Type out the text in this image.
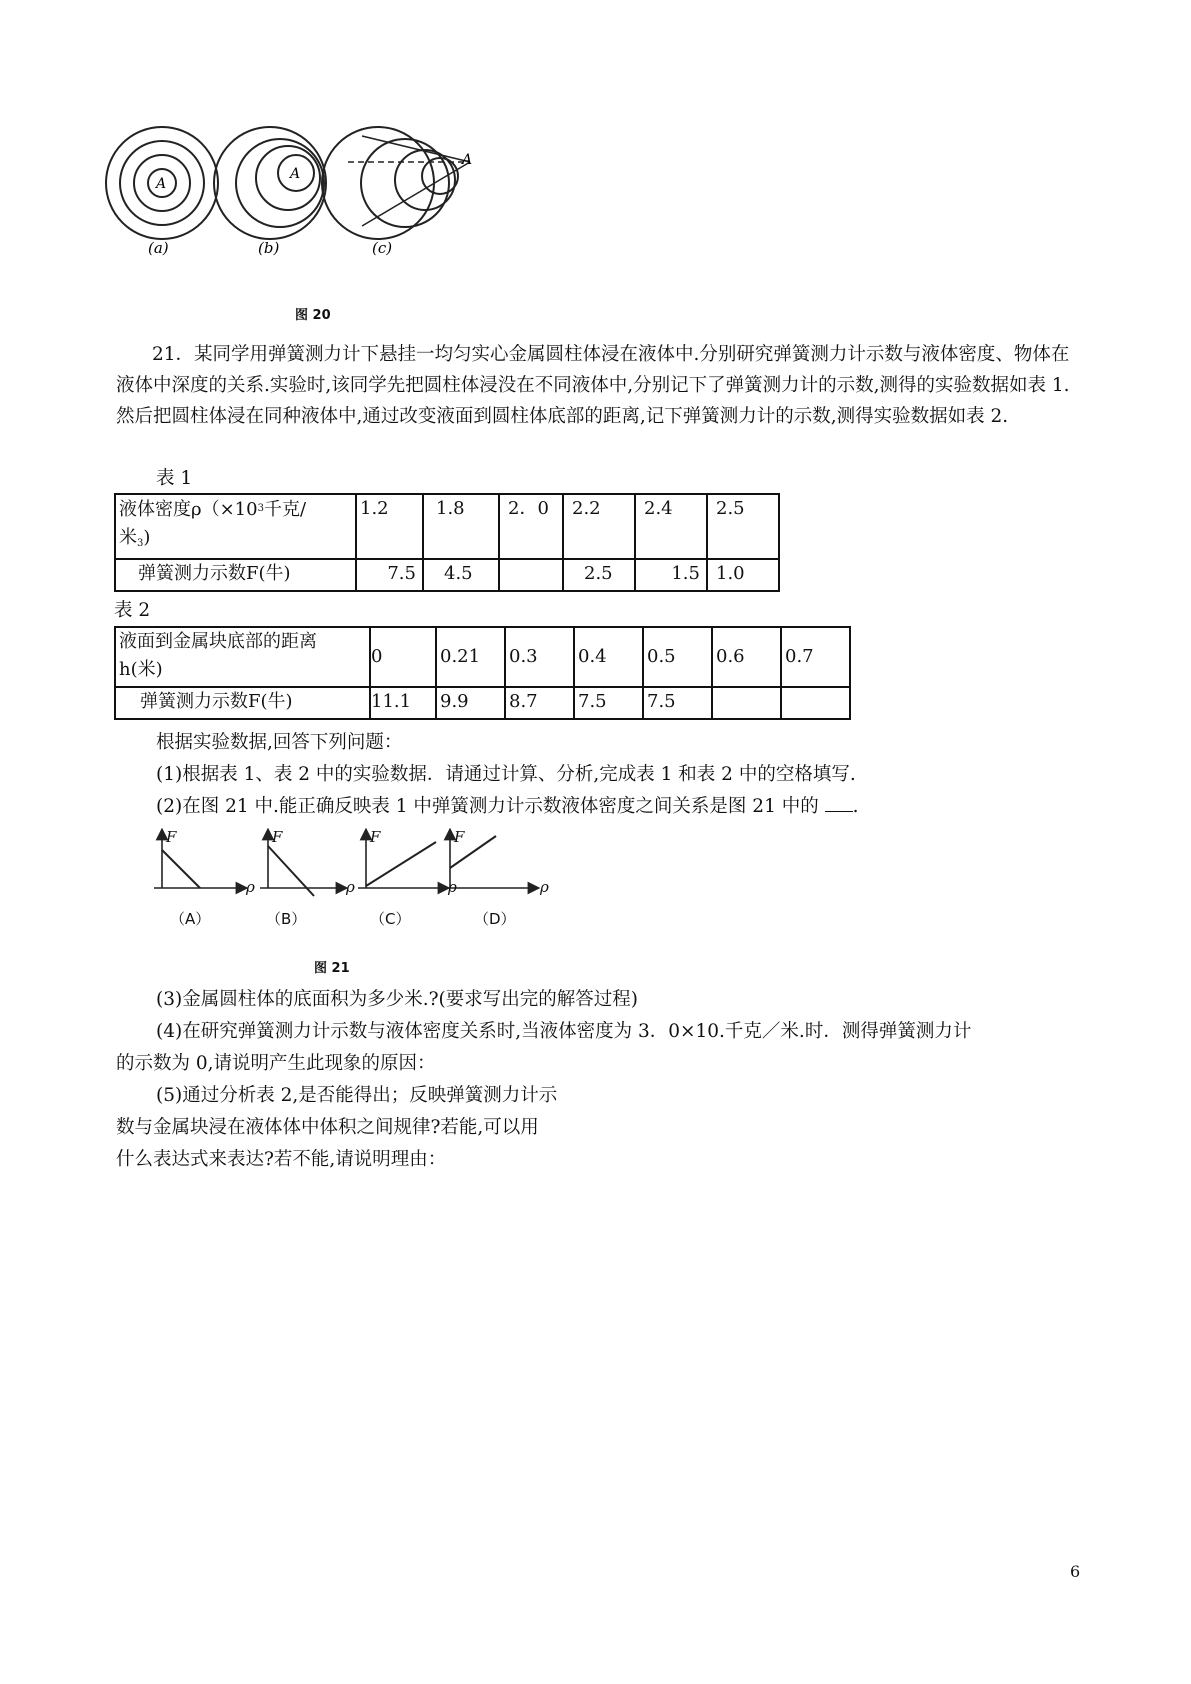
A
A
A
(a)	(b)	(c)
图 20
21．某同学用弹簧测力计下悬挂一均匀实心金属圆柱体浸在液体中.分别研究弹簧测力计示数与液体密度、物体在液体中深度的关系.实验时,该同学先把圆柱体浸没在不同液体中,分别记下了弹簧测力计的示数,测得的实验数据如表 1.然后把圆柱体浸在同种液体中,通过改变液面到圆柱体底部的距离,记下弹簧测力计的示数,测得实验数据如表 2.
表 1
液体密度$\rho(\times 10^3$千克/
米$_3$)	1.2	1.8	2．0	2.2	2.4	2.5
弹簧测力示数F(牛)	7.5	4.5		2.5	1.5	1.0
表 2
液面到金属块底部的距离
h(米)	0	0.21	0.3	0.4	0.5	0.6	0.7
弹簧测力示数F(牛)	11.1	9.9	8.7	7.5	7.5		
根据实验数据,回答下列问题：
(1)根据表 1、表 2 中的实验数据．请通过计算、分析,完成表 1 和表 2 中的空格填写.
(2)在图 21 中.能正确反映表 1 中弹簧测力计示数液体密度之间关系是图 21 中的 .
F
ρ
F
ρ
F
ρ
F
ρ
（A）	（B）	（C）	（D）
图 21
(3)金属圆柱体的底面积为多少米.?(要求写出完的解答过程)
(4)在研究弹簧测力计示数与液体密度关系时,当液体密度为 3．0×10.千克／米.时．测得弹簧测力计
的示数为 0,请说明产生此现象的原因：
(5)通过分析表 2,是否能得出；反映弹簧测力计示
数与金属块浸在液体体中体积之间规律?若能,可以用
什么表达式来表达?若不能,请说明理由：
6
